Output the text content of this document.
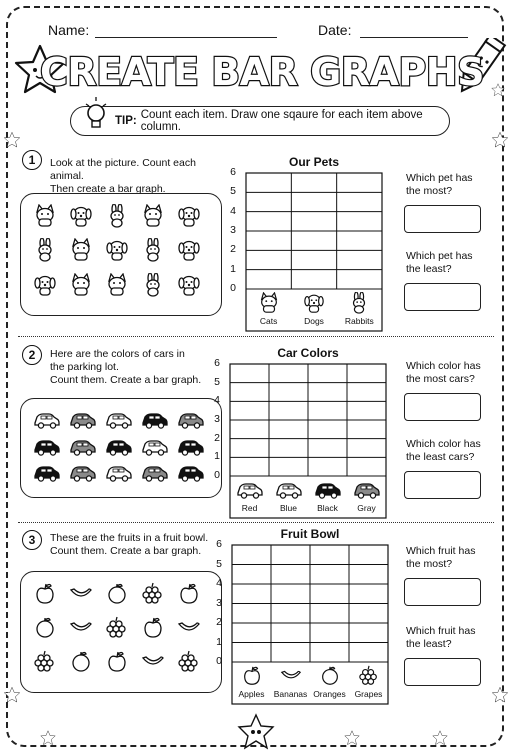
Name:	Date:
CREATE BAR GRAPHS
TIP: Count each item. Draw one sqaure for each item above column.
1	Look at the picture. Count each animal.
Then create a bar graph.
Our Pets
6
5
4
3
2
1
0
Cats	Dogs	Rabbits
Which pet has
the most?
Which pet has
the least?
2	Here are the colors of cars in
the parking lot.
Count them. Create a bar graph.
Car Colors
6
5
4
3
2
1
0
Red	Blue	Black	Gray
Which color has
the most cars?
Which color has
the least cars?
3	These are the fruits in a fruit bowl.
Count them. Create a bar graph.
Fruit Bowl
6
5
4
3
2
1
0
Apples	Bananas Oranges	Grapes
Which fruit has
the most?
Which fruit has
the least?
